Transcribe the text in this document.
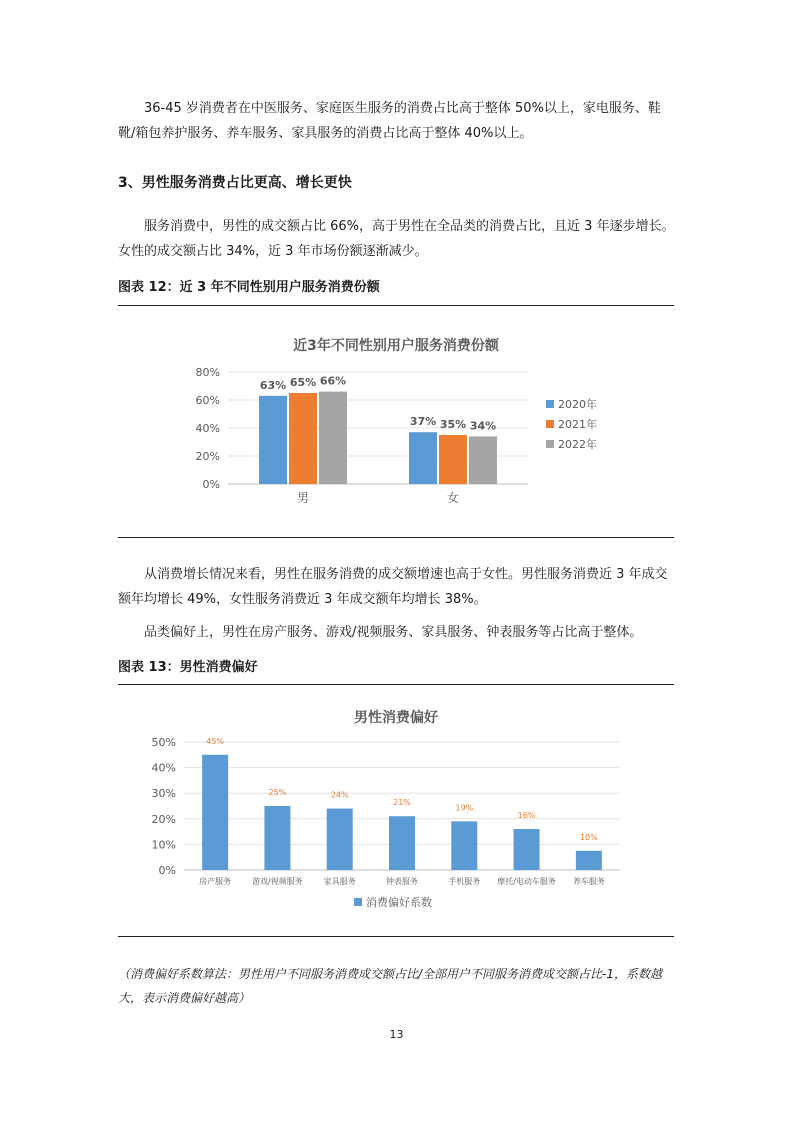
36-45 岁消费者在中医服务、家庭医生服务的消费占比高于整体 50%以上，家电服务、鞋靴/箱包养护服务、养车服务、家具服务的消费占比高于整体 40%以上。

3、男性服务消费占比更高、增长更快

服务消费中，男性的成交额占比 66%，高于男性在全品类的消费占比，且近 3 年逐步增长。女性的成交额占比 34%，近 3 年市场份额逐渐减少。

图表 12：近 3 年不同性别用户服务消费份额

近3年不同性别用户服务消费份额
0%
20%
40%
60%
80%
63% 65% 66%
男
37% 35% 34%
女
2020年
2021年
2022年

从消费增长情况来看，男性在服务消费的成交额增速也高于女性。男性服务消费近 3 年成交额年均增长 49%，女性服务消费近 3 年成交额年均增长 38%。

品类偏好上，男性在房产服务、游戏/视频服务、家具服务、钟表服务等占比高于整体。

图表 13：男性消费偏好

男性消费偏好
0%
10%
20%
30%
40%
50%	45%
房产服务
25%
游戏/视频服务
24%
家具服务
21%
钟表服务
19%
手机服务
16%
摩托/电动车服务
10%
养车服务
消费偏好系数

（消费偏好系数算法：男性用户不同服务消费成交额占比/全部用户不同服务消费成交额占比-1，系数越大，表示消费偏好越高）

13
